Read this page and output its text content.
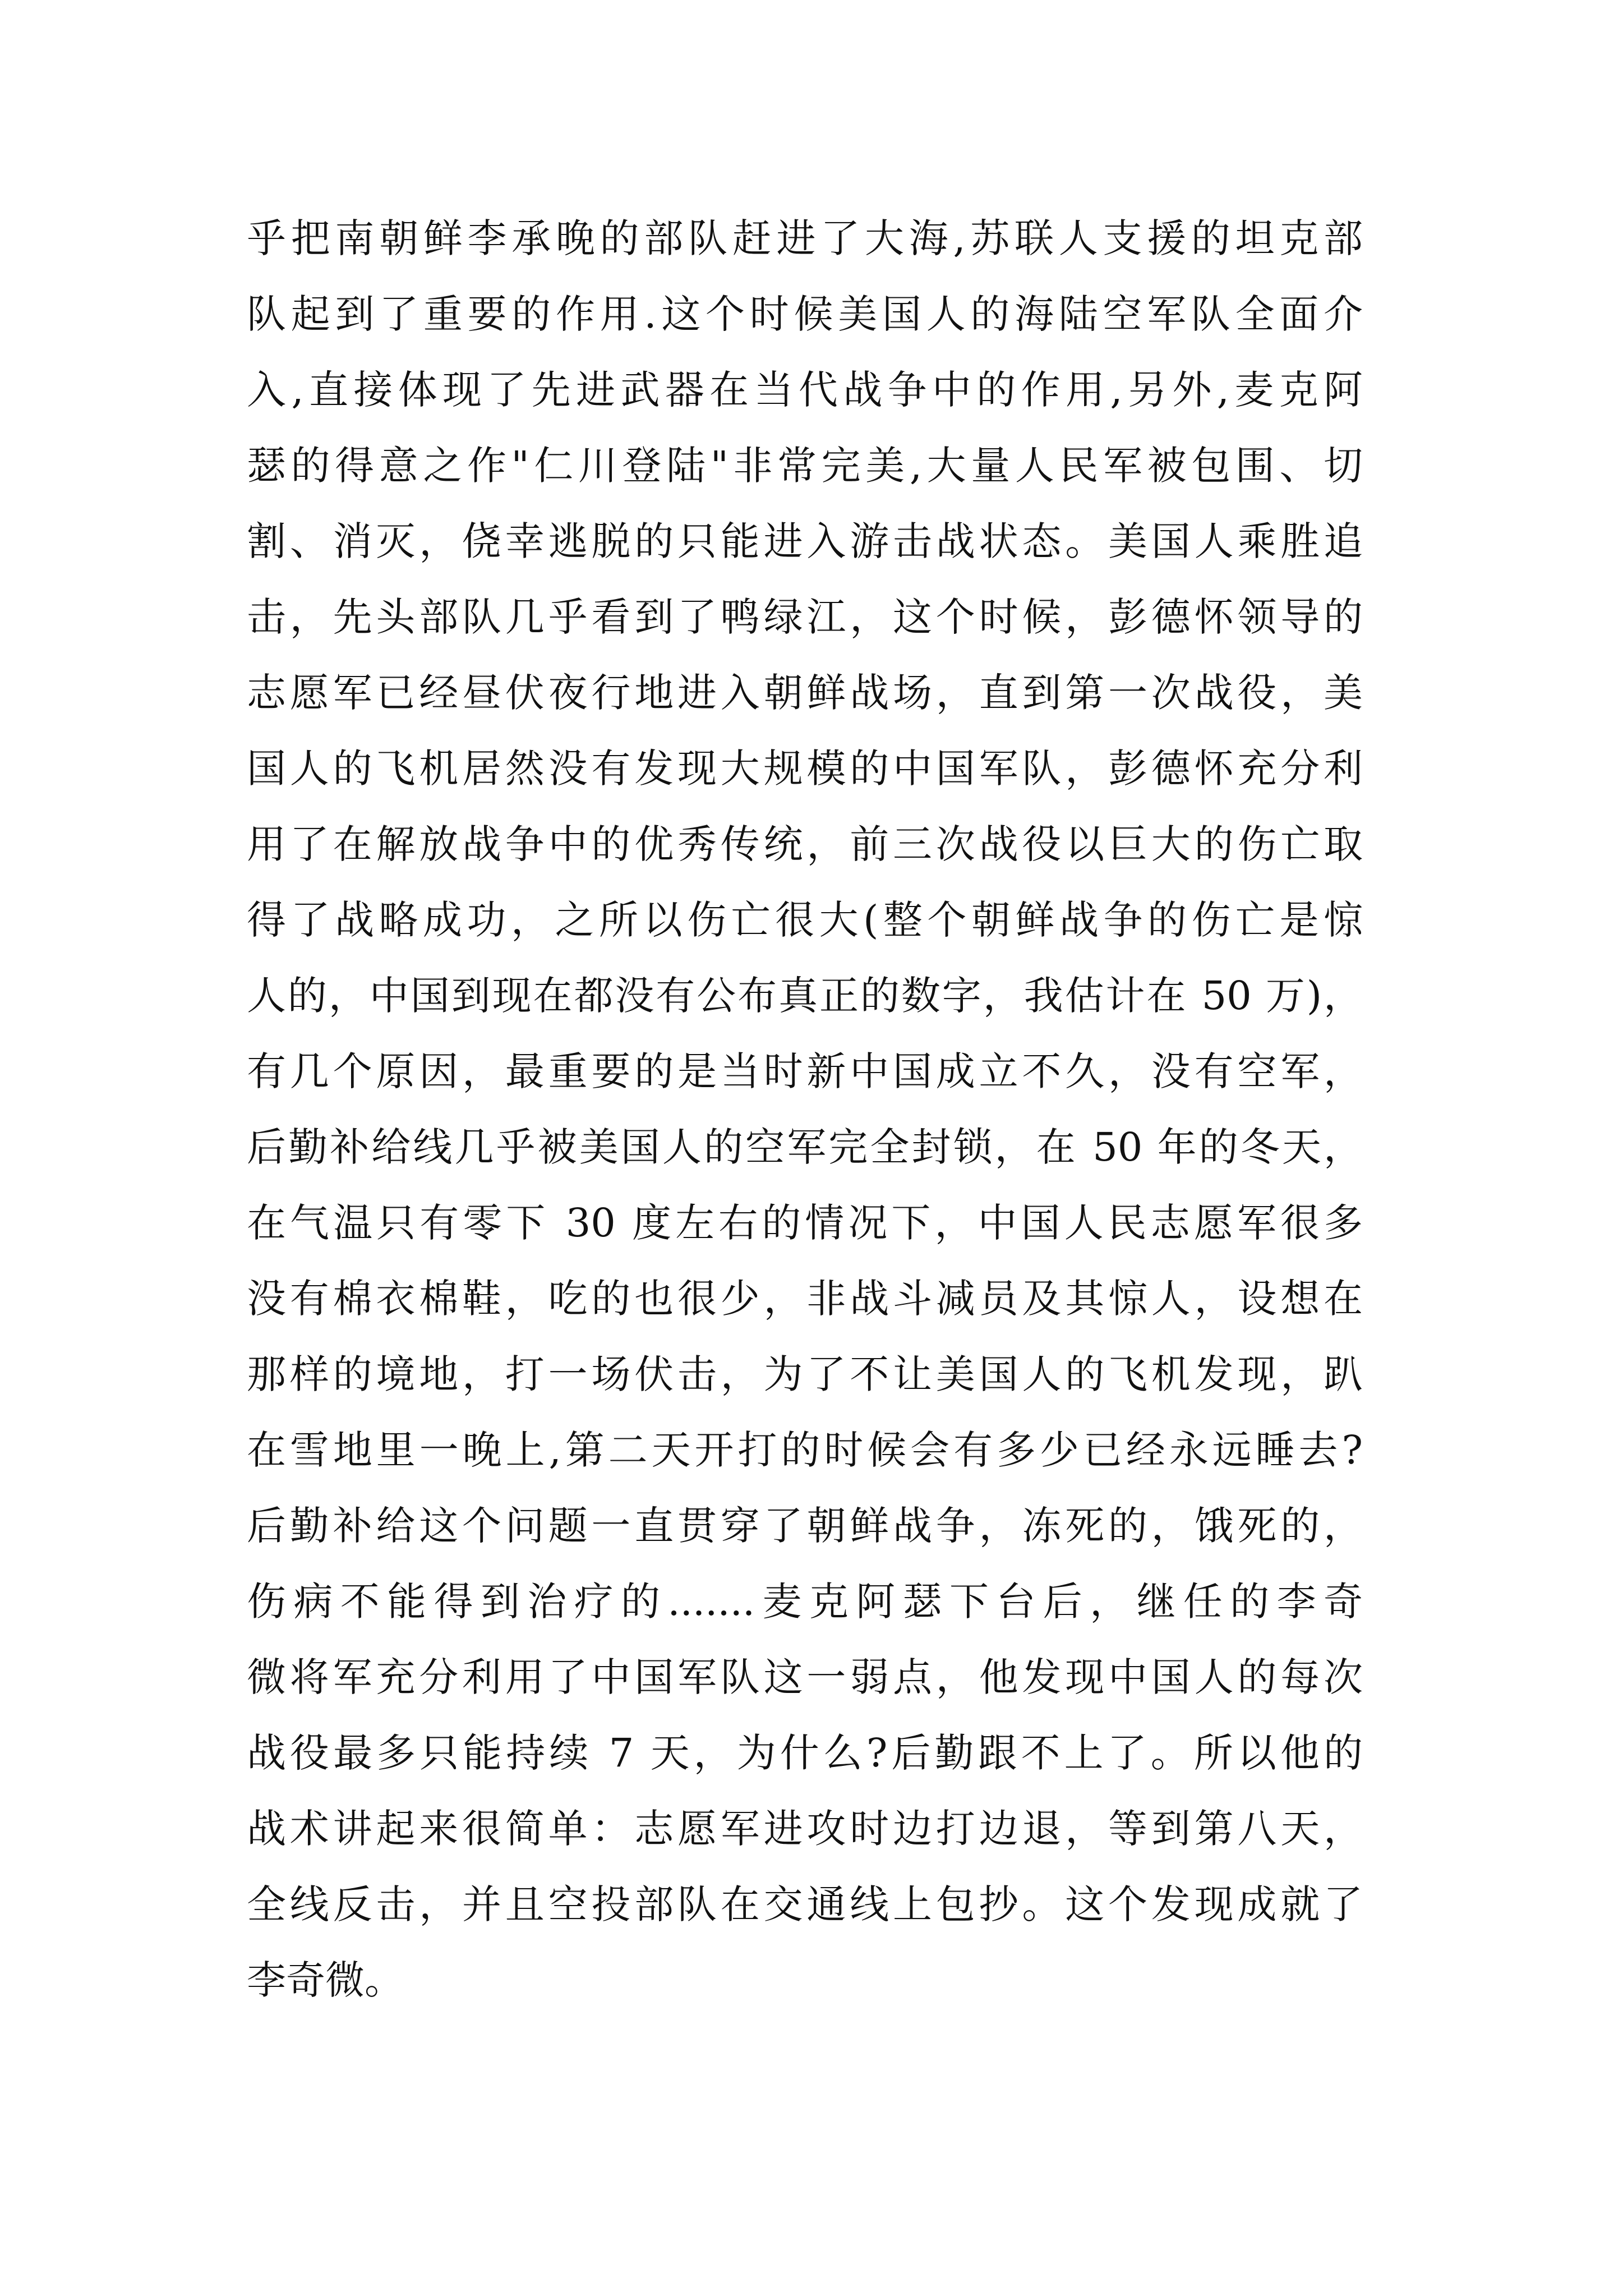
乎把南朝鲜李承晚的部队赶进了大海,苏联人支援的坦克部
队起到了重要的作用.这个时候美国人的海陆空军队全面介
入,直接体现了先进武器在当代战争中的作用,另外,麦克阿
瑟的得意之作"仁川登陆"非常完美,大量人民军被包围、切
割、消灭，侥幸逃脱的只能进入游击战状态。美国人乘胜追
击，先头部队几乎看到了鸭绿江，这个时候，彭德怀领导的
志愿军已经昼伏夜行地进入朝鲜战场，直到第一次战役，美
国人的飞机居然没有发现大规模的中国军队，彭德怀充分利
用了在解放战争中的优秀传统，前三次战役以巨大的伤亡取
得了战略成功，之所以伤亡很大(整个朝鲜战争的伤亡是惊
人的，中国到现在都没有公布真正的数字，我估计在 50 万)，
有几个原因，最重要的是当时新中国成立不久，没有空军，
后勤补给线几乎被美国人的空军完全封锁，在 50 年的冬天，
在气温只有零下 30 度左右的情况下，中国人民志愿军很多
没有棉衣棉鞋，吃的也很少，非战斗减员及其惊人，设想在
那样的境地，打一场伏击，为了不让美国人的飞机发现，趴
在雪地里一晚上,第二天开打的时候会有多少已经永远睡去?
后勤补给这个问题一直贯穿了朝鲜战争，冻死的，饿死的，
伤病不能得到治疗的.......麦克阿瑟下台后，继任的李奇
微将军充分利用了中国军队这一弱点，他发现中国人的每次
战役最多只能持续 7 天，为什么?后勤跟不上了。所以他的
战术讲起来很简单：志愿军进攻时边打边退，等到第八天，
全线反击，并且空投部队在交通线上包抄。这个发现成就了
李奇微。
